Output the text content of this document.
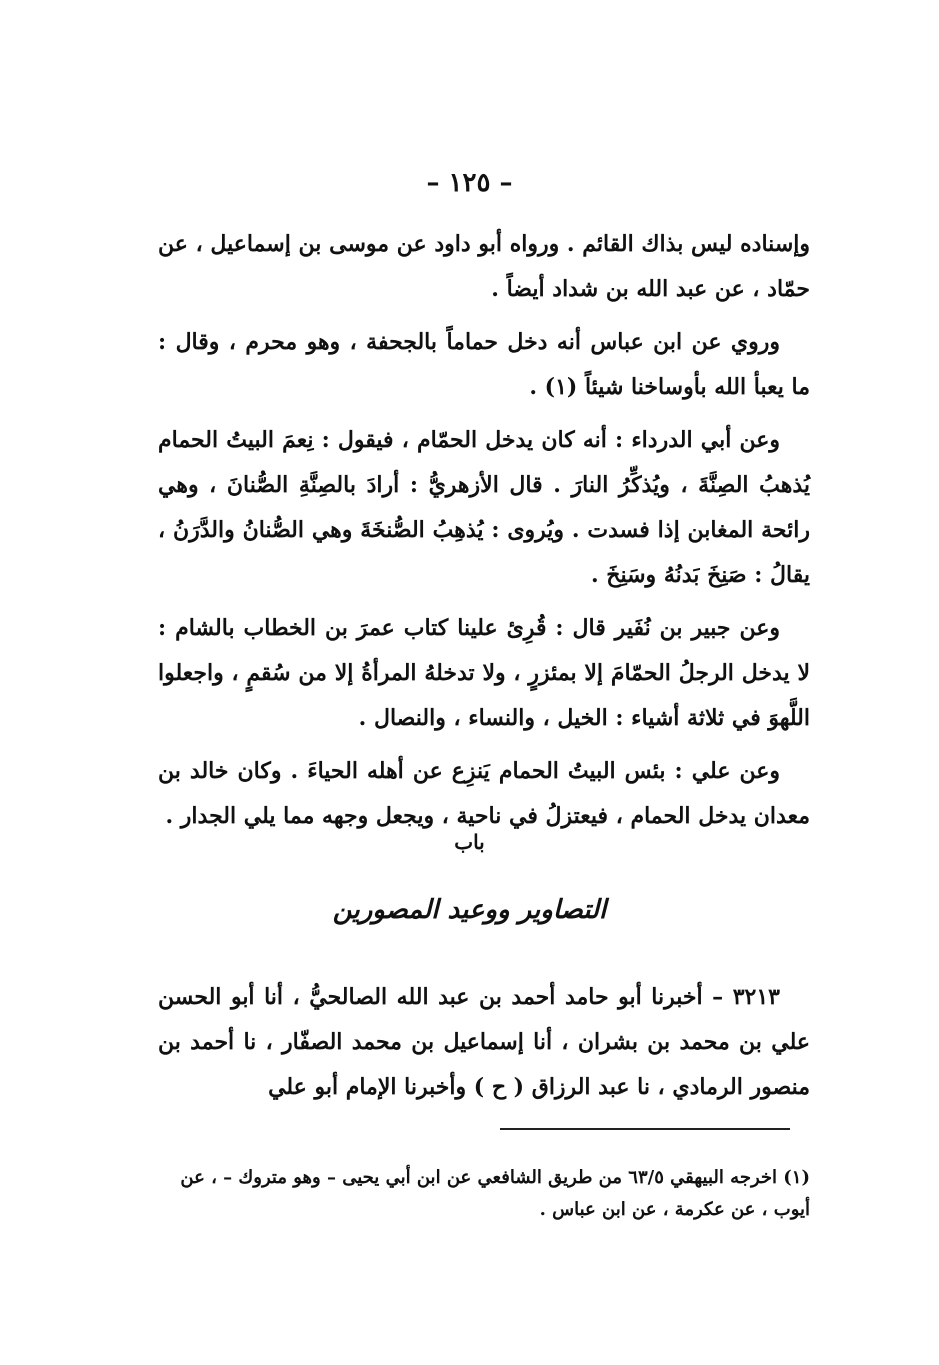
– ١٢٥ –

وإسناده ليس بذاك القائم . ورواه أبو داود عن موسى بن إسماعيل ، عن حمّاد ، عن عبد الله بن شداد أيضاً .

وروي عن ابن عباس أنه دخل حماماً بالجحفة ، وهو محرم ، وقال : ما يعبأ الله بأوساخنا شيئاً (١) .

وعن أبي الدرداء : أنه كان يدخل الحمّام ، فيقول : نِعمَ البيتُ الحمام يُذهبُ الصِنَّةَ ، ويُذكِّرُ النارَ . قال الأزهريُّ : أرادَ بالصِنَّةِ الصُّنانَ ، وهي رائحة المغابن إذا فسدت . ويُروى : يُذهِبُ الصُّنخَةَ وهي الصُّنانُ والدَّرَنُ ، يقالُ : صَنِخَ بَدنُهُ وسَنِخَ .

وعن جبير بن نُفَير قال : قُرِئ علينا كتاب عمرَ بن الخطاب بالشام : لا يدخل الرجلُ الحمّامَ إلا بمئزرٍ ، ولا تدخلهُ المرأةُ إلا من سُقمٍ ، واجعلوا اللَّهوَ في ثلاثة أشياء : الخيل ، والنساء ، والنصال .

وعن علي : بئس البيتُ الحمام يَنزِع عن أهله الحياءَ . وكان خالد بن معدان يدخل الحمام ، فيعتزلُ في ناحية ، ويجعل وجهه مما يلي الجدار .

باب
التصاوير ووعيد المصورين

٣٢١٣ – أخبرنا أبو حامد أحمد بن عبد الله الصالحيُّ ، أنا أبو الحسن علي بن محمد بن بشران ، أنا إسماعيل بن محمد الصفّار ، نا أحمد بن منصور الرمادي ، نا عبد الرزاق ( ح ) وأخبرنا الإمام أبو علي

(١) اخرجه البيهقي ٦٣/٥ من طريق الشافعي عن ابن أبي يحيى – وهو متروك – ، عن أيوب ، عن عكرمة ، عن ابن عباس .
